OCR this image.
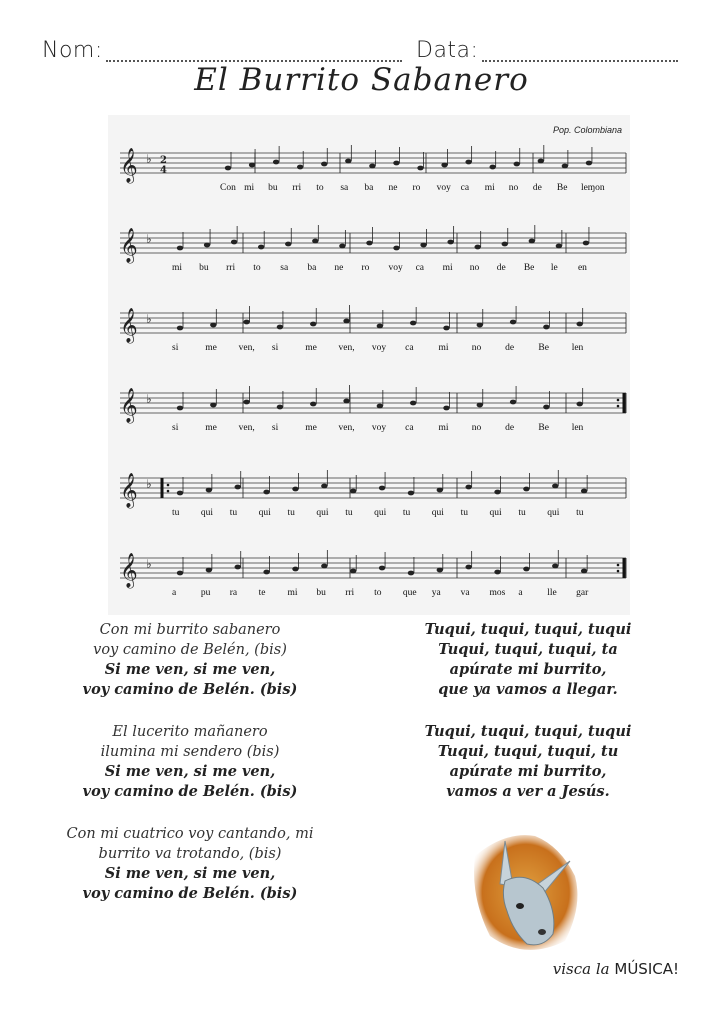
Nom:	Data:
El Burrito Sabanero
Pop. Colombiana
𝄞 ♭ 2
4
Con mi bu rri to sa ba ne ro voy ca mi no de Be leɱon
𝄞 ♭
mi bu rri to sa ba ne ro voy ca mi no de Be le en
𝄞 ♭
si	me ven, si	me ven, voy ca	mi no	de	Be len
𝄞 ♭
si	me ven, si	me ven, voy ca	mi no	de	Be len
𝄞 ♭
tu qui tu qui tu qui tu qui tu qui tu qui tu qui tu
𝄞 ♭
a	pu ra te mi bu rri to que ya va mos a	lle gar
Con mi burrito sabanero
voy camino de Belén, (bis)
Si me ven, si me ven,
voy camino de Belén. (bis)
El lucerito mañanero
ilumina mi sendero (bis)
Si me ven, si me ven,
voy camino de Belén. (bis)
Con mi cuatrico voy cantando, mi
burrito va trotando, (bis)
Si me ven, si me ven,
voy camino de Belén. (bis)
Tuqui, tuqui, tuqui, tuqui
Tuqui, tuqui, tuqui, ta
apúrate mi burrito,
que ya vamos a llegar.
Tuqui, tuqui, tuqui, tuqui
Tuqui, tuqui, tuqui, tu
apúrate mi burrito,
vamos a ver a Jesús.
visca la MÚSICA!
